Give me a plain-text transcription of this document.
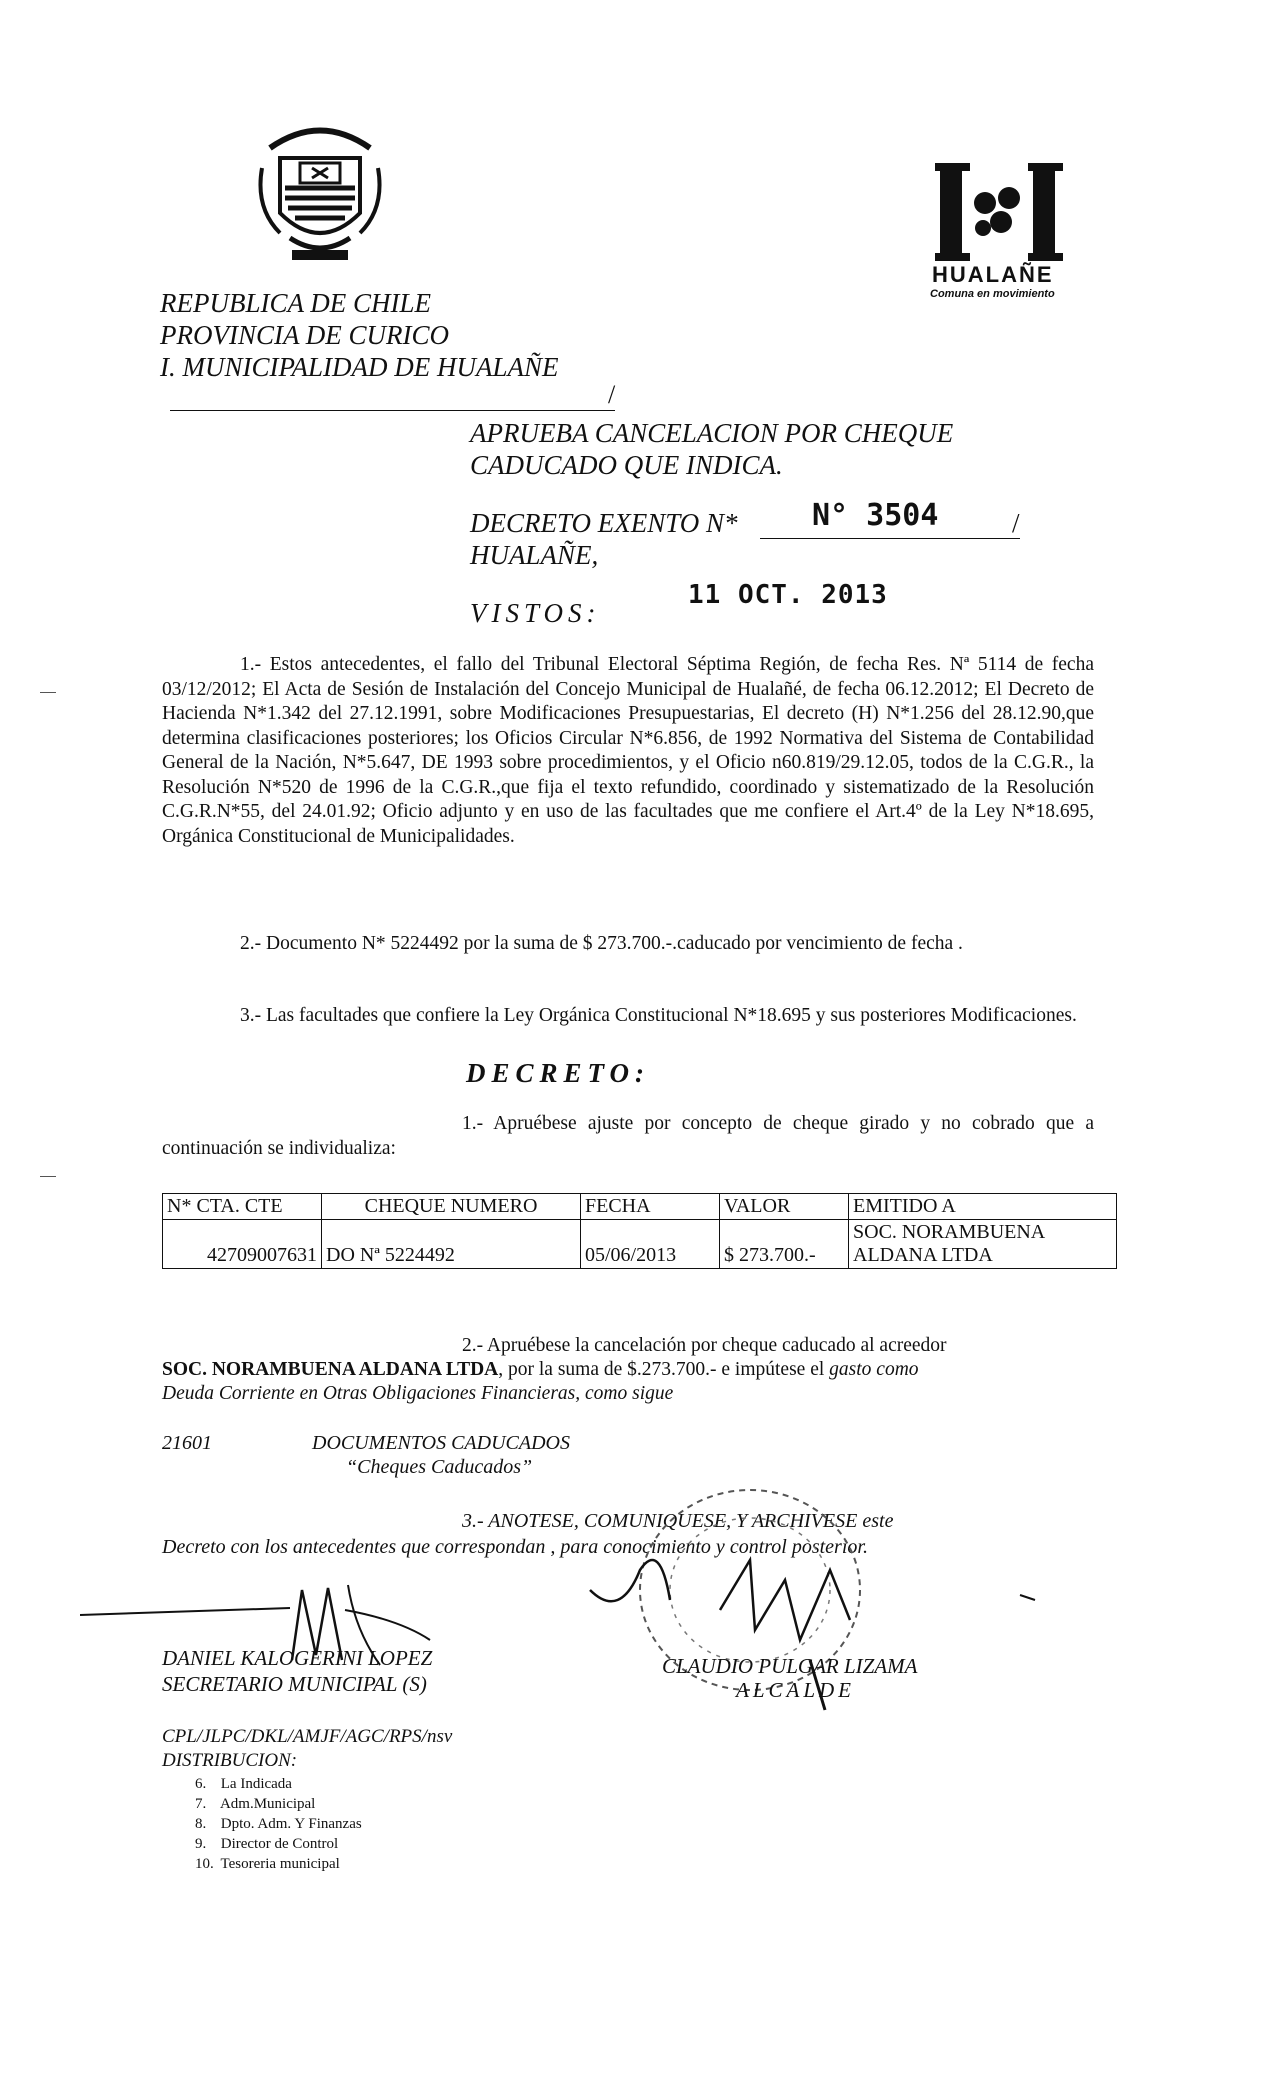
HUALAÑE
Comuna en movimiento
REPUBLICA DE CHILE
PROVINCIA DE CURICO
I. MUNICIPALIDAD DE HUALAÑE
/
APRUEBA CANCELACION POR CHEQUE
CADUCADO QUE INDICA.
DECRETO EXENTO N*	/
N° 3504
HUALAÑE,
VISTOS:
11 OCT. 2013
1.- Estos antecedentes, el fallo del Tribunal Electoral Séptima Región, de fecha Res. Nª 5114 de fecha 03/12/2012; El Acta de Sesión de Instalación del Concejo Municipal de Hualañé, de fecha 06.12.2012; El Decreto de Hacienda N*1.342 del 27.12.1991, sobre Modificaciones Presupuestarias, El decreto (H) N*1.256 del 28.12.90,que determina clasificaciones posteriores; los Oficios Circular N*6.856, de 1992 Normativa del Sistema de Contabilidad General de la Nación, N*5.647, DE 1993 sobre procedimientos, y el Oficio n60.819/29.12.05, todos de la C.G.R., la Resolución N*520 de 1996 de la C.G.R.,que fija el texto refundido, coordinado y sistematizado de la Resolución C.G.R.N*55, del 24.01.92; Oficio adjunto y en uso de las facultades que me confiere el Art.4º de la Ley N*18.695, Orgánica Constitucional de Municipalidades.
2.- Documento N* 5224492 por la suma de $ 273.700.-.caducado por vencimiento de fecha .
3.- Las facultades que confiere la Ley Orgánica Constitucional N*18.695 y sus posteriores Modificaciones.
DECRETO:
1.- Apruébese ajuste por concepto de cheque girado y no cobrado que a continuación se individualiza:
N* CTA. CTE	CHEQUE NUMERO	FECHA	VALOR	EMITIDO A
42709007631	DO Nª 5224492	05/06/2013	$ 273.700.-	SOC. NORAMBUENA ALDANA LTDA
2.- Apruébese la cancelación por cheque caducado al acreedor
SOC. NORAMBUENA ALDANA LTDA, por la suma de $.273.700.- e impútese el gasto como
Deuda Corriente en Otras Obligaciones Financieras, como sigue
21601	DOCUMENTOS CADUCADOS
“Cheques Caducados”
3.- ANOTESE, COMUNIQUESE, Y ARCHIVESE este
Decreto con los antecedentes que correspondan , para conocimiento y control posterior.
DANIEL KALOGERINI LOPEZ
SECRETARIO MUNICIPAL (S)
CLAUDIO PULGAR LIZAMA
ALCALDE
CPL/JLPC/DKL/AMJF/AGC/RPS/nsv
DISTRIBUCION:
6. La Indicada
7. Adm.Municipal
8. Dpto. Adm. Y Finanzas
9. Director de Control
10. Tesoreria municipal
